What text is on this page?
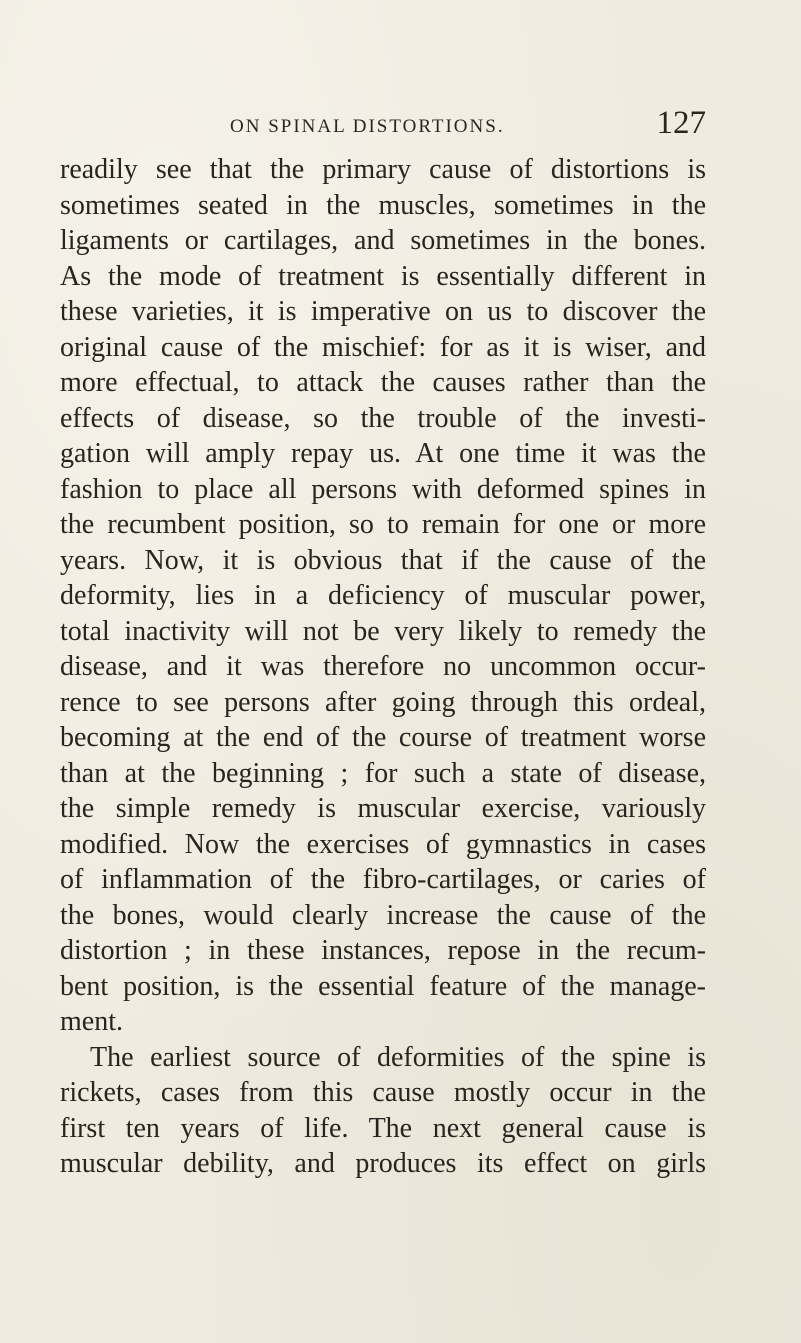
ON SPINAL DISTORTIONS.	127
readily see that the primary cause of distortions is
sometimes seated in the muscles, sometimes in the
ligaments or cartilages, and sometimes in the bones.
As the mode of treatment is essentially different in
these varieties, it is imperative on us to discover the
original cause of the mischief: for as it is wiser, and
more effectual, to attack the causes rather than the
effects of disease, so the trouble of the investi-
gation will amply repay us. At one time it was the
fashion to place all persons with deformed spines in
the recumbent position, so to remain for one or more
years. Now, it is obvious that if the cause of the
deformity, lies in a deficiency of muscular power,
total inactivity will not be very likely to remedy the
disease, and it was therefore no uncommon occur-
rence to see persons after going through this ordeal,
becoming at the end of the course of treatment worse
than at the beginning ; for such a state of disease,
the simple remedy is muscular exercise, variously
modified. Now the exercises of gymnastics in cases
of inflammation of the fibro-cartilages, or caries of
the bones, would clearly increase the cause of the
distortion ; in these instances, repose in the recum-
bent position, is the essential feature of the manage-
ment.
The earliest source of deformities of the spine is
rickets, cases from this cause mostly occur in the
first ten years of life. The next general cause is
muscular debility, and produces its effect on girls
